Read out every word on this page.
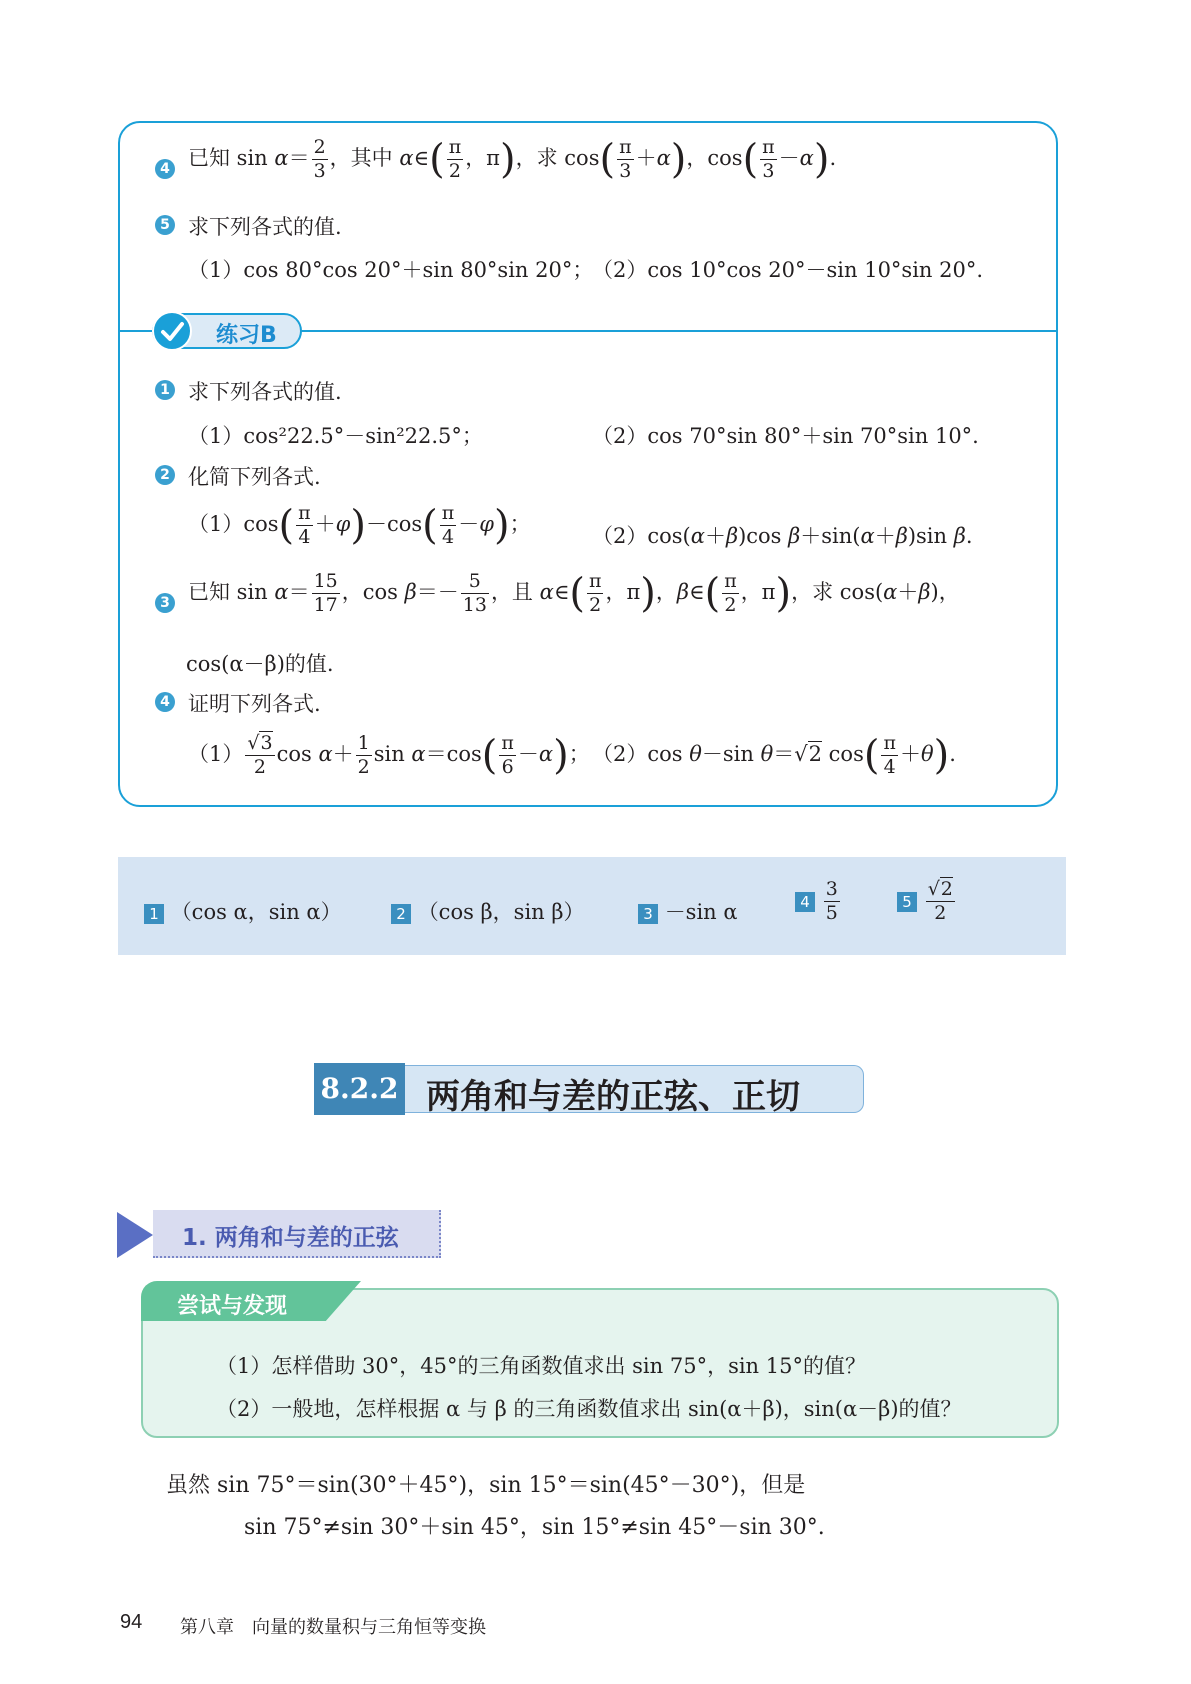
4 已知 $\sin \alpha= \frac{2}{3}$ ，其中 α∈( $\frac{\pi}{2}$ ，π)，求 $\cos( \frac{\pi}{3} +\alpha)$，$\cos( \frac{\pi}{3} -\alpha)$.
5 求下列各式的值.
（1）cos 80°cos 20°＋sin 80°sin 20°；
（2）cos 10°cos 20°－sin 10°sin 20°.
练习B
1 求下列各式的值.
（1）cos²22.5°－sin²22.5°；	（2）cos 70°sin 80°＋sin 70°sin 10°.
2 化简下列各式.
$(1)\cos( \frac{\pi}{4} +\varphi)-\cos( \frac{\pi}{4} -\varphi)$；	（2）cos(α＋β)cos β＋sin(α＋β)sin β.
3 已知 $\sin \alpha= \frac{15}{17}$ ，$\cos \beta=- \frac{5}{13}$ ，且 α∈( $\frac{\pi}{2}$ ，π)，β∈( $\frac{\pi}{2}$ ，π)，求 cos(α＋β)，
cos(α－β)的值.
4 证明下列各式.
$(1) \frac{√3}{2}$ $\cos \alpha+ \frac{1}{2}$ $\sin \alpha=\cos( \frac{\pi}{6} -\alpha)$； （2）cos θ－sin θ＝√2 $\cos( \frac{\pi}{4} +\theta)$.
1 （cos α，sin α）	2 （cos β，sin β）	3 －sin α	$4 \frac{3}{5}$	$5 \frac{√2}{2}$
8.2.2 两角和与差的正弦、正切
1. 两角和与差的正弦
尝试与发现
（1）怎样借助 30°，45°的三角函数值求出 sin 75°，sin 15°的值？
（2）一般地，怎样根据 α 与 β 的三角函数值求出 sin(α＋β)，sin(α－β)的值？
虽然 sin 75°＝sin(30°＋45°)，sin 15°＝sin(45°－30°)，但是
sin 75°≠sin 30°＋sin 45°，sin 15°≠sin 45°－sin 30°.
94 第八章　向量的数量积与三角恒等变换
